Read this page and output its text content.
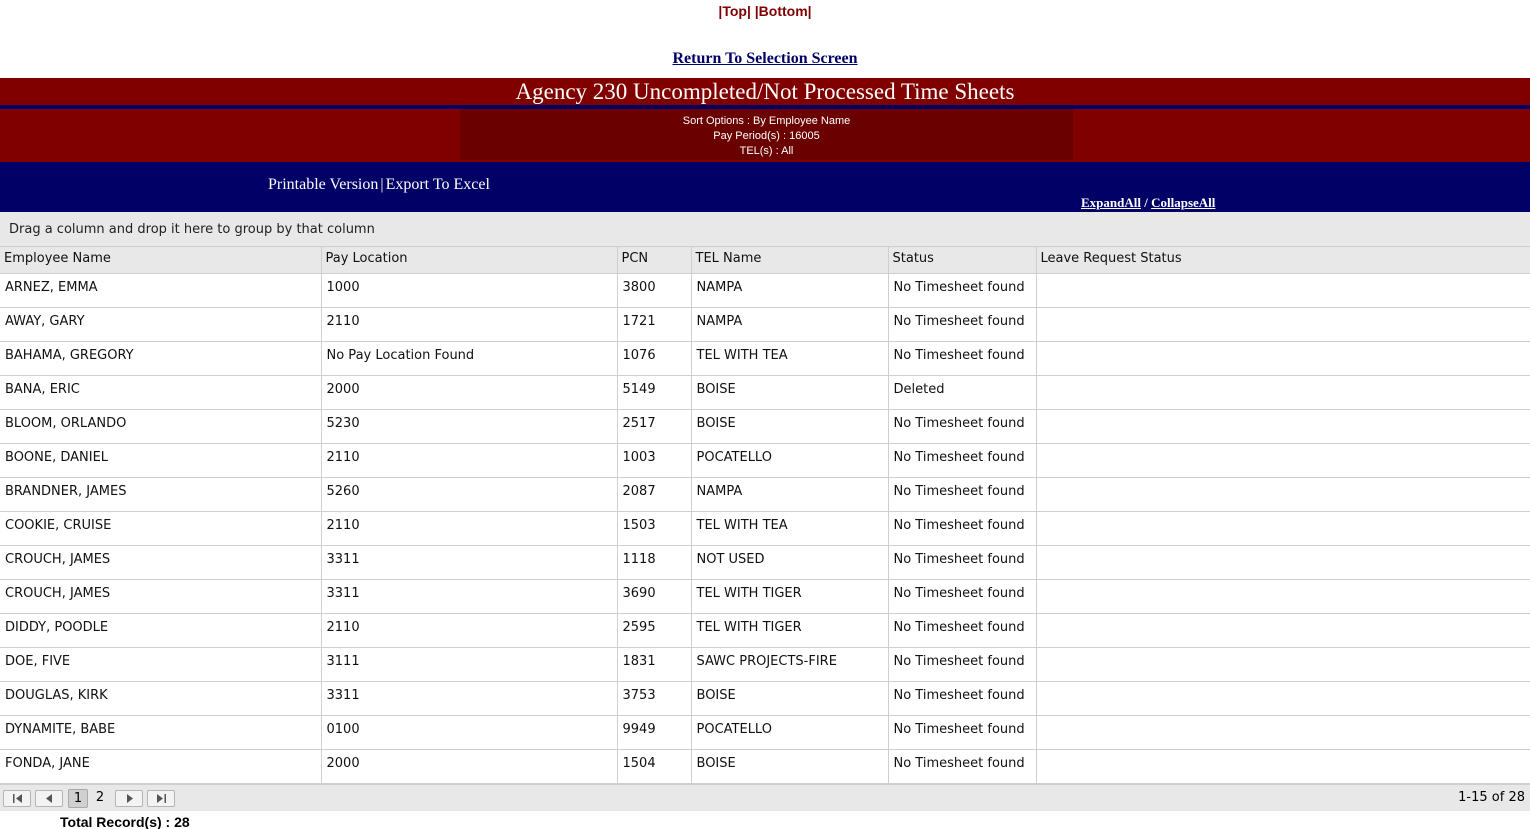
|Top| |Bottom|
Return To Selection Screen
Agency 230 Uncompleted/Not Processed Time Sheets
Sort Options : By Employee Name
Pay Period(s) : 16005
TEL(s) : All
Printable Version | Export To Excel
ExpandAll / CollapseAll
Drag a column and drop it here to group by that column
Employee Name	Pay Location	PCN	TEL Name	Status	Leave Request Status
ARNEZ, EMMA	1000	3800	NAMPA	No Timesheet found	
AWAY, GARY	2110	1721	NAMPA	No Timesheet found	
BAHAMA, GREGORY	No Pay Location Found	1076	TEL WITH TEA	No Timesheet found	
BANA, ERIC	2000	5149	BOISE	Deleted	
BLOOM, ORLANDO	5230	2517	BOISE	No Timesheet found	
BOONE, DANIEL	2110	1003	POCATELLO	No Timesheet found	
BRANDNER, JAMES	5260	2087	NAMPA	No Timesheet found	
COOKIE, CRUISE	2110	1503	TEL WITH TEA	No Timesheet found	
CROUCH, JAMES	3311	1118	NOT USED	No Timesheet found	
CROUCH, JAMES	3311	3690	TEL WITH TIGER	No Timesheet found	
DIDDY, POODLE	2110	2595	TEL WITH TIGER	No Timesheet found	
DOE, FIVE	3111	1831	SAWC PROJECTS-FIRE	No Timesheet found	
DOUGLAS, KIRK	3311	3753	BOISE	No Timesheet found	
DYNAMITE, BABE	0100	9949	POCATELLO	No Timesheet found	
FONDA, JANE	2000	1504	BOISE	No Timesheet found	
1	2	1-15 of 28
Total Record(s) : 28
